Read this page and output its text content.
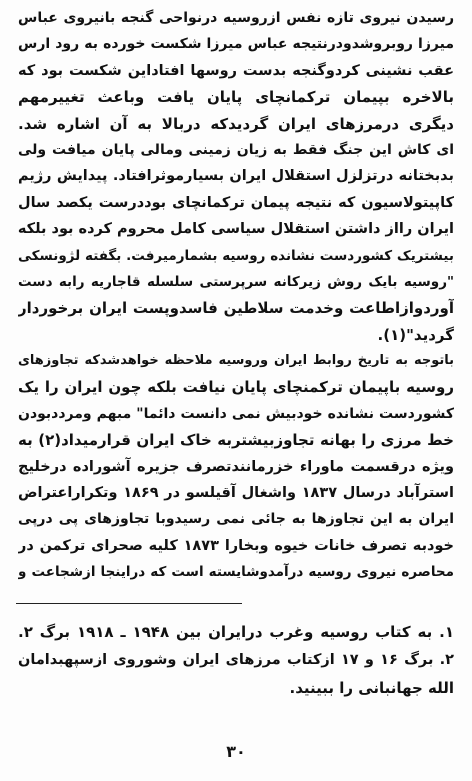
رسیدن نیروی تازه نفس ازروسیه درنواحی گنجه بانیروی عباس
میرزا روبروشدودرنتیجه عباس میرزا شکست خورده به رود ارس
عقب نشینی کردوگنجه بدست روسها افتاداین شکست بود که
بالاخره بپیمان ترکمانچای پایان یافت وباعث تغییرمهم
دیگری درمرزهای ایران گردیدکه دربالا به آن اشاره شد.
ای کاش این جنگ فقط به زیان زمینی ومالی پایان میافت ولی
بدبختانه درتزلزل استقلال ایران بسیارموثرافتاد. پیدایش رژیم
کاپیتولاسیون که نتیجه پیمان ترکمانچای بوددرست یکصد سال
ایران رااز داشتن استقلال سیاسی کامل محروم کرده بود بلکه
بیشتریک کشوردست نشانده روسیه بشمارمیرفت. بگفته لژونسکی
"روسیه بایک روش زیرکانه سرپرستی سلسله قاجاریه رابه دست
آوردوازاطاعت وخدمت سلاطین فاسدوپست ایران برخوردار
گردید"(۱).
باتوجه به تاریخ روابط ایران وروسیه ملاحظه خواهدشدکه تجاوزهای
روسیه باپیمان ترکمنچای پایان نیافت بلکه چون ایران را یک
کشوردست نشانده خودبیش نمی دانست دائما" مبهم ومرددبودن
خط مرزی را بهانه تجاوزبیشتربه خاک ایران قرارمیداد(۲) به
ویژه درقسمت ماوراء خزرمانندتصرف جزیره آشوراده درخلیج
استرآباد درسال ۱۸۳۷ واشغال آقیلسو در ۱۸۶۹ وتکراراعتراض
ایران به این تجاوزها به جائی نمی رسیدوبا تجاوزهای پی درپی
خودبه تصرف خانات خیوه وبخارا ۱۸۷۳ کلیه صحرای ترکمن در
محاصره نیروی روسیه درآمدوشایسته است که دراینجا ازشجاعت و
۱. به کتاب روسیه وغرب درایران بین ۱۹۴۸ ـ ۱۹۱۸ برگ ۲.
۲. برگ ۱۶ و ۱۷ ازکتاب مرزهای ایران وشوروی ازسپهبدامان
الله جهانبانی را ببینید.
۳۰
